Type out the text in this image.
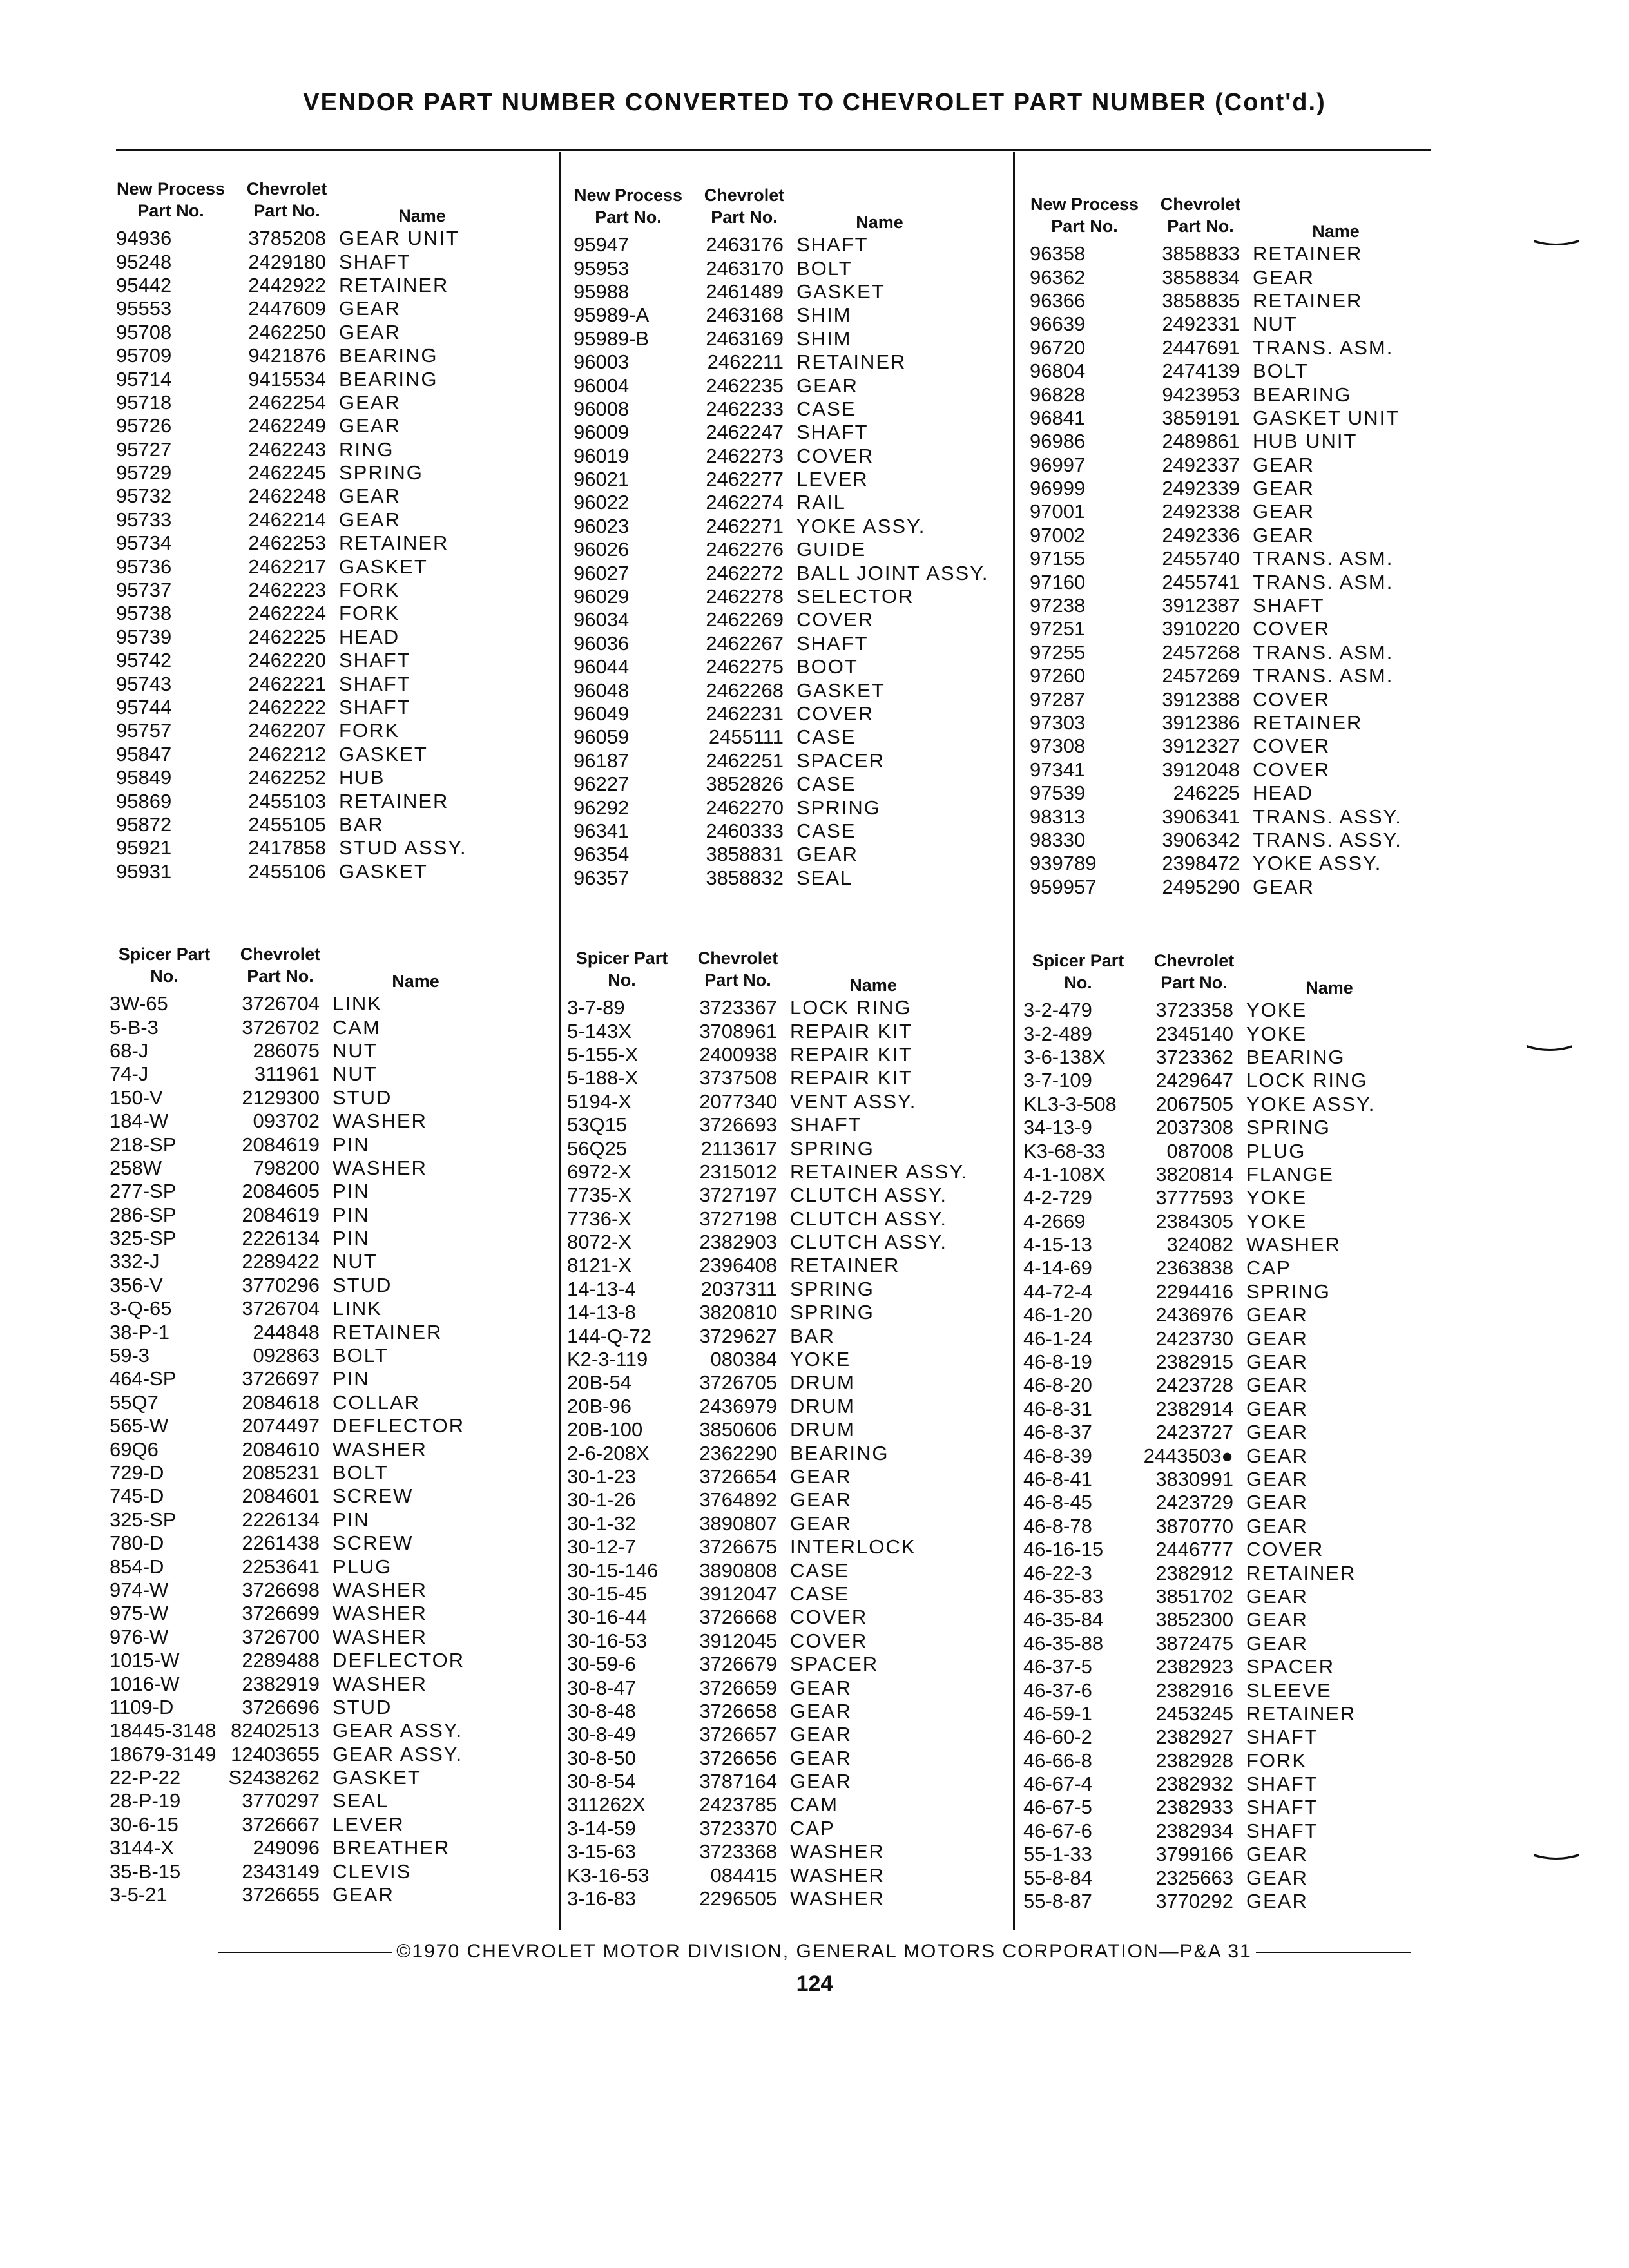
VENDOR PART NUMBER CONVERTED TO CHEVROLET PART NUMBER (Cont'd.)
New Process Part No.
Chevrolet Part No.	Name
94936	3785208 GEAR UNIT
95248	2429180 SHAFT
95442	2442922 RETAINER
95553	2447609 GEAR
95708	2462250 GEAR
95709	9421876 BEARING
95714	9415534 BEARING
95718	2462254 GEAR
95726	2462249 GEAR
95727	2462243 RING
95729	2462245 SPRING
95732	2462248 GEAR
95733	2462214 GEAR
95734	2462253 RETAINER
95736	2462217 GASKET
95737	2462223 FORK
95738	2462224 FORK
95739	2462225 HEAD
95742	2462220 SHAFT
95743	2462221 SHAFT
95744	2462222 SHAFT
95757	2462207 FORK
95847	2462212 GASKET
95849	2462252 HUB
95869	2455103 RETAINER
95872	2455105 BAR
95921	2417858 STUD ASSY.
95931	2455106 GASKET
New Process Part No.
Chevrolet Part No.	Name
95947	2463176 SHAFT
95953	2463170 BOLT
95988	2461489 GASKET
95989-A	2463168 SHIM
95989-B	2463169 SHIM
96003	2462211 RETAINER
96004	2462235 GEAR
96008	2462233 CASE
96009	2462247 SHAFT
96019	2462273 COVER
96021	2462277 LEVER
96022	2462274 RAIL
96023	2462271 YOKE ASSY.
96026	2462276 GUIDE
96027	2462272 BALL JOINT ASSY.
96029	2462278 SELECTOR
96034	2462269 COVER
96036	2462267 SHAFT
96044	2462275 BOOT
96048	2462268 GASKET
96049	2462231 COVER
96059	2455111 CASE
96187	2462251 SPACER
96227	3852826 CASE
96292	2462270 SPRING
96341	2460333 CASE
96354	3858831 GEAR
96357	3858832 SEAL
New Process Part No.
Chevrolet Part No.	Name
96358	3858833 RETAINER
96362	3858834 GEAR
96366	3858835 RETAINER
96639	2492331 NUT
96720	2447691 TRANS. ASM.
96804	2474139 BOLT
96828	9423953 BEARING
96841	3859191 GASKET UNIT
96986	2489861 HUB UNIT
96997	2492337 GEAR
96999	2492339 GEAR
97001	2492338 GEAR
97002	2492336 GEAR
97155	2455740 TRANS. ASM.
97160	2455741 TRANS. ASM.
97238	3912387 SHAFT
97251	3910220 COVER
97255	2457268 TRANS. ASM.
97260	2457269 TRANS. ASM.
97287	3912388 COVER
97303	3912386 RETAINER
97308	3912327 COVER
97341	3912048 COVER
97539	246225 HEAD
98313	3906341 TRANS. ASSY.
98330	3906342 TRANS. ASSY.
939789	2398472 YOKE ASSY.
959957	2495290 GEAR
Spicer Part No.
Chevrolet Part No.	Name
3W-65	3726704 LINK
5-B-3	3726702 CAM
68-J	286075 NUT
74-J	311961 NUT
150-V	2129300 STUD
184-W	093702 WASHER
218-SP	2084619 PIN
258W	798200 WASHER
277-SP	2084605 PIN
286-SP	2084619 PIN
325-SP	2226134 PIN
332-J	2289422 NUT
356-V	3770296 STUD
3-Q-65	3726704 LINK
38-P-1	244848 RETAINER
59-3	092863 BOLT
464-SP	3726697 PIN
55Q7	2084618 COLLAR
565-W	2074497 DEFLECTOR
69Q6	2084610 WASHER
729-D	2085231 BOLT
745-D	2084601 SCREW
325-SP	2226134 PIN
780-D	2261438 SCREW
854-D	2253641 PLUG
974-W	3726698 WASHER
975-W	3726699 WASHER
976-W	3726700 WASHER
1015-W	2289488 DEFLECTOR
1016-W	2382919 WASHER
1109-D	3726696 STUD
18445-3148 82402513 GEAR ASSY.
18679-3149 12403655 GEAR ASSY.
22-P-22	S2438262 GASKET
28-P-19	3770297 SEAL
30-6-15	3726667 LEVER
3144-X	249096 BREATHER
35-B-15	2343149 CLEVIS
3-5-21	3726655 GEAR
Spicer Part No.
Chevrolet Part No.	Name
3-7-89	3723367 LOCK RING
5-143X	3708961 REPAIR KIT
5-155-X	2400938 REPAIR KIT
5-188-X	3737508 REPAIR KIT
5194-X	2077340 VENT ASSY.
53Q15	3726693 SHAFT
56Q25	2113617 SPRING
6972-X	2315012 RETAINER ASSY.
7735-X	3727197 CLUTCH ASSY.
7736-X	3727198 CLUTCH ASSY.
8072-X	2382903 CLUTCH ASSY.
8121-X	2396408 RETAINER
14-13-4	2037311 SPRING
14-13-8	3820810 SPRING
144-Q-72	3729627 BAR
K2-3-119	080384 YOKE
20B-54	3726705 DRUM
20B-96	2436979 DRUM
20B-100	3850606 DRUM
2-6-208X	2362290 BEARING
30-1-23	3726654 GEAR
30-1-26	3764892 GEAR
30-1-32	3890807 GEAR
30-12-7	3726675 INTERLOCK
30-15-146	3890808 CASE
30-15-45	3912047 CASE
30-16-44	3726668 COVER
30-16-53	3912045 COVER
30-59-6	3726679 SPACER
30-8-47	3726659 GEAR
30-8-48	3726658 GEAR
30-8-49	3726657 GEAR
30-8-50	3726656 GEAR
30-8-54	3787164 GEAR
311262X	2423785 CAM
3-14-59	3723370 CAP
3-15-63	3723368 WASHER
K3-16-53	084415 WASHER
3-16-83	2296505 WASHER
Spicer Part No.
Chevrolet Part No.	Name
3-2-479	3723358 YOKE
3-2-489	2345140 YOKE
3-6-138X	3723362 BEARING
3-7-109	2429647 LOCK RING
KL3-3-508	2067505 YOKE ASSY.
34-13-9	2037308 SPRING
K3-68-33	087008 PLUG
4-1-108X	3820814 FLANGE
4-2-729	3777593 YOKE
4-2669	2384305 YOKE
4-15-13	324082 WASHER
4-14-69	2363838 CAP
44-72-4	2294416 SPRING
46-1-20	2436976 GEAR
46-1-24	2423730 GEAR
46-8-19	2382915 GEAR
46-8-20	2423728 GEAR
46-8-31	2382914 GEAR
46-8-37	2423727 GEAR
46-8-39	2443503● GEAR
46-8-41	3830991 GEAR
46-8-45	2423729 GEAR
46-8-78	3870770 GEAR
46-16-15	2446777 COVER
46-22-3	2382912 RETAINER
46-35-83	3851702 GEAR
46-35-84	3852300 GEAR
46-35-88	3872475 GEAR
46-37-5	2382923 SPACER
46-37-6	2382916 SLEEVE
46-59-1	2453245 RETAINER
46-60-2	2382927 SHAFT
46-66-8	2382928 FORK
46-67-4	2382932 SHAFT
46-67-5	2382933 SHAFT
46-67-6	2382934 SHAFT
55-1-33	3799166 GEAR
55-8-84	2325663 GEAR
55-8-87	3770292 GEAR
©1970 CHEVROLET MOTOR DIVISION, GENERAL MOTORS CORPORATION—P&A 31
124
